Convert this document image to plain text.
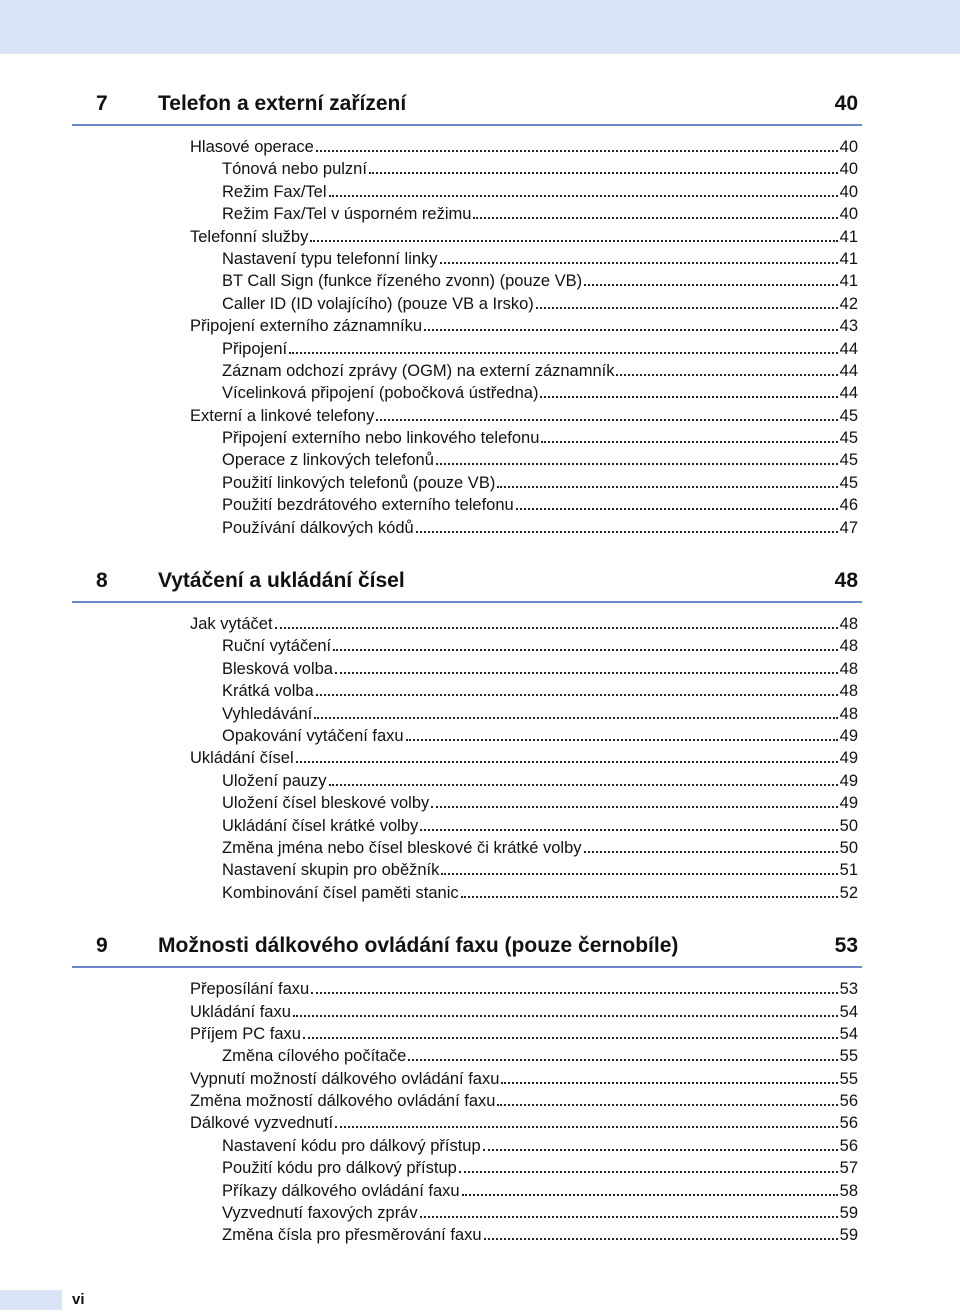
7	Telefon a externí zařízení	40
Hlasové operace	40
Tónová nebo pulzní	40
Režim Fax/Tel	40
Režim Fax/Tel v úsporném režimu	40
Telefonní služby	41
Nastavení typu telefonní linky	41
BT Call Sign (funkce řízeného zvonn) (pouze VB)	41
Caller ID (ID volajícího) (pouze VB a Irsko)	42
Připojení externího záznamníku	43
Připojení	44
Záznam odchozí zprávy (OGM) na externí záznamník	44
Vícelinková připojení (pobočková ústředna)	44
Externí a linkové telefony	45
Připojení externího nebo linkového telefonu	45
Operace z linkových telefonů	45
Použití linkových telefonů (pouze VB)	45
Použití bezdrátového externího telefonu	46
Používání dálkových kódů	47
8	Vytáčení a ukládání čísel	48
Jak vytáčet	48
Ruční vytáčení	48
Blesková volba	48
Krátká volba	48
Vyhledávání	48
Opakování vytáčení faxu	49
Ukládání čísel	49
Uložení pauzy	49
Uložení čísel bleskové volby	49
Ukládání čísel krátké volby	50
Změna jména nebo čísel bleskové či krátké volby	50
Nastavení skupin pro oběžník	51
Kombinování čísel paměti stanic	52
9	Možnosti dálkového ovládání faxu (pouze černobíle)	53
Přeposílání faxu	53
Ukládání faxu	54
Příjem PC faxu	54
Změna cílového počítače	55
Vypnutí možností dálkového ovládání faxu	55
Změna možností dálkového ovládání faxu	56
Dálkové vyzvednutí	56
Nastavení kódu pro dálkový přístup	56
Použití kódu pro dálkový přístup	57
Příkazy dálkového ovládání faxu	58
Vyzvednutí faxových zpráv	59
Změna čísla pro přesměrování faxu	59
vi
